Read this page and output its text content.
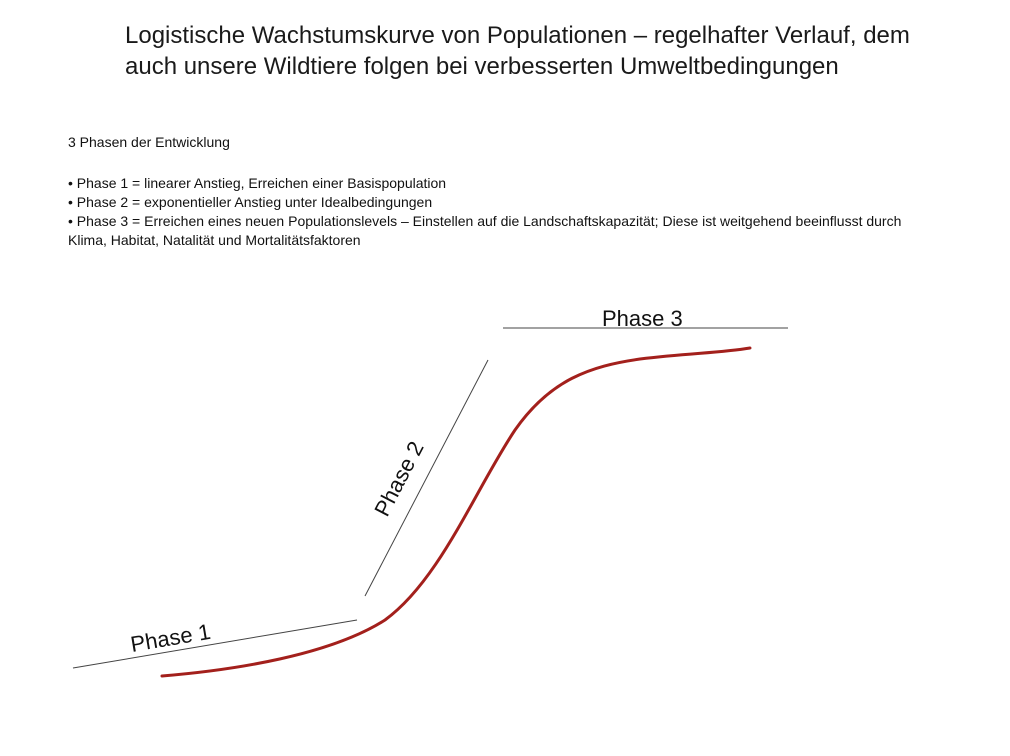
Logistische Wachstumskurve von Populationen – regelhafter Verlauf, dem auch unsere Wildtiere folgen bei verbesserten Umweltbedingungen

3 Phasen der Entwicklung

• Phase 1 = linearer Anstieg, Erreichen einer Basispopulation
• Phase 2 = exponentieller Anstieg unter Idealbedingungen
• Phase 3 = Erreichen eines neuen Populationslevels – Einstellen auf die Landschaftskapazität; Diese ist weitgehend beeinflusst durch Klima, Habitat, Natalität und Mortalitätsfaktoren
Phase 1
Phase 2
Phase 3
